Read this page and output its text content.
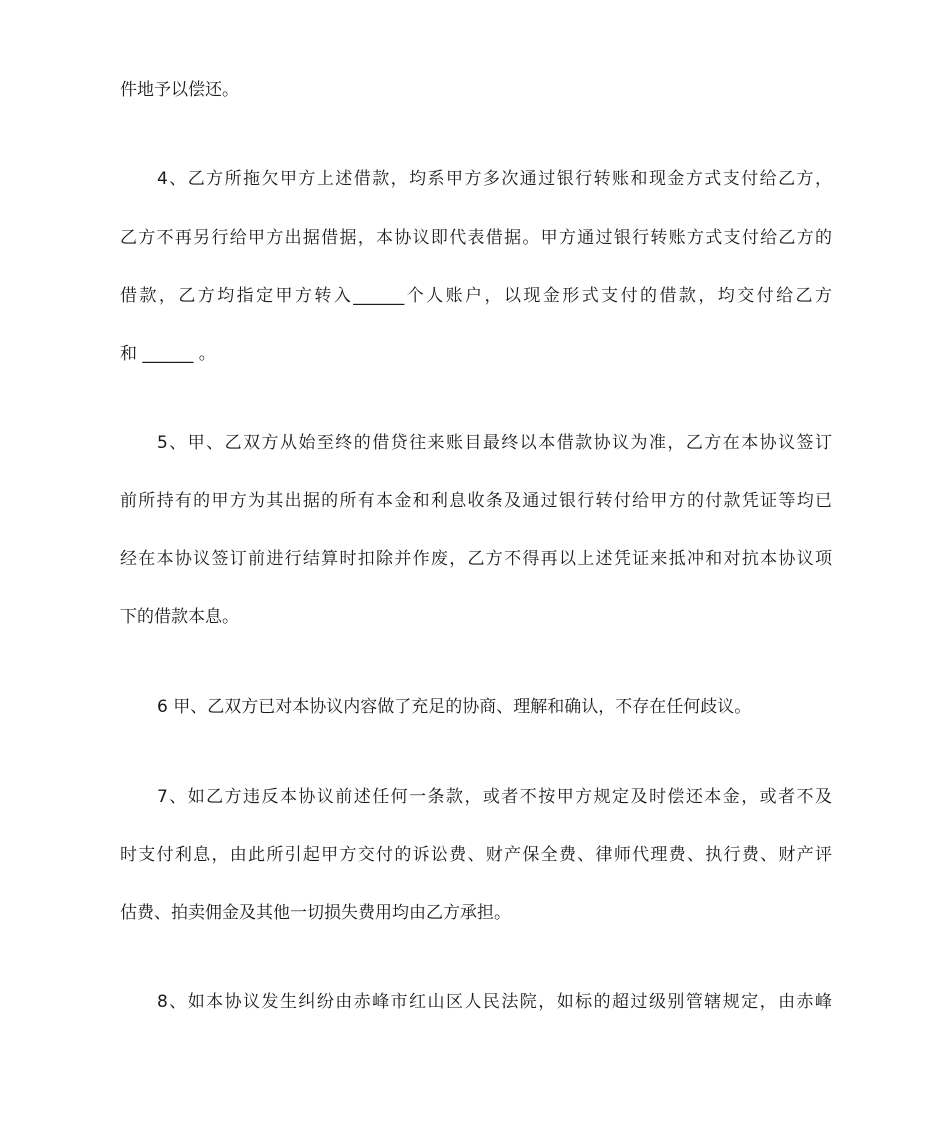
件地予以偿还。
4、乙方所拖欠甲方上述借款，均系甲方多次通过银行转账和现金方式支付给乙方，
乙方不再另行给甲方出据借据，本协议即代表借据。甲方通过银行转账方式支付给乙方的
借款，乙方均指定甲方转入______个人账户，以现金形式支付的借款，均交付给乙方
和 ______ 。
5、甲、乙双方从始至终的借贷往来账目最终以本借款协议为准，乙方在本协议签订
前所持有的甲方为其出据的所有本金和利息收条及通过银行转付给甲方的付款凭证等均已
经在本协议签订前进行结算时扣除并作废，乙方不得再以上述凭证来抵冲和对抗本协议项
下的借款本息。
6 甲、乙双方已对本协议内容做了充足的协商、理解和确认，不存在任何歧议。
7、如乙方违反本协议前述任何一条款，或者不按甲方规定及时偿还本金，或者不及
时支付利息，由此所引起甲方交付的诉讼费、财产保全费、律师代理费、执行费、财产评
估费、拍卖佣金及其他一切损失费用均由乙方承担。
8、如本协议发生纠纷由赤峰市红山区人民法院，如标的超过级别管辖规定，由赤峰
